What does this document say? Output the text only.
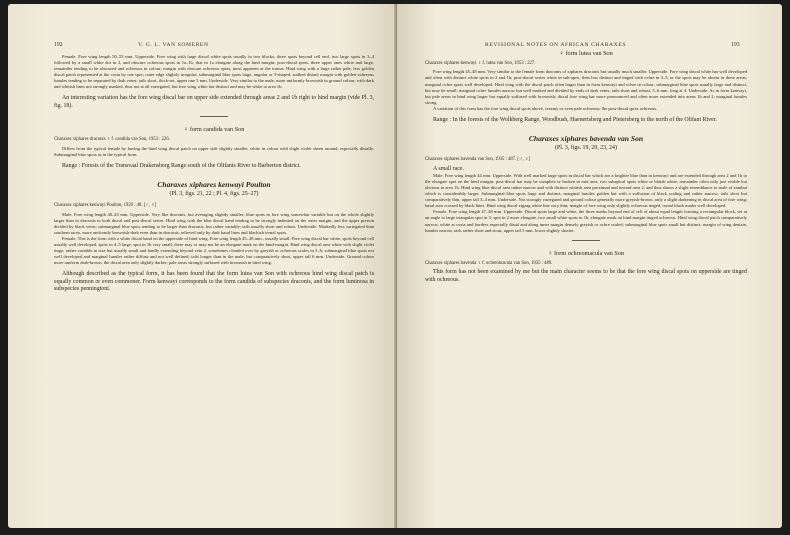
192	V. G. L. VAN SOMEREN

Female. Fore wing length 50–53 mm. Upperside. Fore wing with large discal white spots usually in two blocks; three spots beyond cell end, two large spots in 3–4 followed by a small white dot in 2, and obscure ochreous spots in 1a–1b, that in 1a elongate along the hind margin; post-discal spots, three upper ones white and large, remainder tending to be obscured and ochreous in colour; margin with obscure ochreous spots, most apparent at the tornus. Hind wing with a large rather pale, less golden discal patch represented at the costa by one spot; outer edge slightly irregular; submarginal blue spots large, angular or T-shaped, stalked distad; margin with golden-ochreous lunules tending to be separated by dark veins; tails short, thick-set, upper one 5 mm. Underside. Very similar to the male, more uniformly brownish in ground colour, with dark and whitish lines not strongly marked, thus not at all variegated, but fore wing white bar distinct and may be white to area 1b.

An interesting variation has the fore wing discal bar on upper side extended through areas 2 and 1b right to hind margin (vide Pl. 3, fig. 18).

♀ form candida van Son

Charaxes xiphares draconis ♀ f. candida van Son, 1953 : 226.

Differs from the typical female by having the hind wing discal patch on upper side slightly smaller, white in colour with slight violet sheen around, especially distally. Submarginal blue spots as in the typical form.

Range : Forests of the Transvaal Drakensberg Range south of the Olifants River to Barberton district.

Charaxes xiphares kenwayi Poulton
(Pl. 3, figs. 21, 22 ; Pl. 4, figs. 25–27)

Charaxes xiphares kenwayi Poulton, 1929 : 48. [♂, ♀]

Male. Fore wing length 40–43 mm. Upperside. Very like draconis, but averaging slightly smaller; blue spots in fore wing somewhat variable but on the whole slightly larger than in draconis in both discal and post-discal series. Hind wing with the blue discal band tending to be strongly indented on the outer margin, and the upper portion divided by black veins; submarginal blue spots tending to be larger than draconis, but rather variable; tails usually short and robust. Underside. Markedly less variegated than southern races, more uniformly brownish-drab even than in draconis, relieved only by dark basal lines and blackish tornal spots.

Female. This is the form with a white discal band on the upperside of hind wing. Fore wing length 45–48 mm., usually small. Fore wing discal bar white, spots beyond cell usually well developed, spots in 4–5 large, spot in 1b very small; there may or may not be an elongate mark on the hind-margin. Hind wing discal area white with slight violet tinge, rather variable in size but usually small and hardly extending beyond vein 2, sometimes clouded over by greyish or ochreous scales in 5–6; submarginal blue spots not well developed and marginal lunules rather diffuse and not well defined; tails longer than in the male, but comparatively short, upper tail 6 mm. Underside. Ground colour more uniform drab-brown, the discal area only slightly darker; pale areas strongly suffused with brownish in hind wing.

Although described as the typical form, it has been found that the form lutea van Son with ochreous hind wing discal patch is equally common or even commoner. Form kenwayi corresponds to the form candida of subspecies draconis, and the form luminosa in subspecies penningtoni.

REVISIONAL NOTES ON AFRICAN CHARAXES	193
♀ form lutea van Son

Charaxes xiphares kenwayi ♀ f. lutea van Son, 1953 : 227.

Fore wing length 45–48 mm. Very similar to the female form draconis of xiphares draconis but usually much smaller. Upperside. Fore wing discal white bar well developed and often with distinct white spots in 2 and 1b; post-discal series white in sub-apex, then less distinct and tinged with ochre in 3–5, or the spots may be absent in these areas; marginal ochre spots well developed. Hind wing with the discal patch often larger than in form kenwayi and ochre in colour; submarginal blue spots usually large and distinct, but may be small; marginal ochre lunules narrow but well marked and divided by ends of dark veins; tails short and robust, 5–6 mm. long at 4. Underside. As in form kenwayi, but pale areas in hind wing larger but equally suffused with brownish; discal fore wing bar more pronounced and often more extended into areas 1b and 2; marginal lunules strong.

A variation of this form has the fore wing discal spots above, creamy or even pale ochreous; the post-discal spots ochreous.

Range : In the forests of the Wolkberg Range, Woodbush, Haenertsberg and Pietersberg to the north of the Olifant River.

Charaxes xiphares bavenda van Son
(Pl. 3, figs. 19, 20, 23, 24)

Charaxes xiphares bavenda van Son, 1935 : 487. [♂, ♀]

A small race.

Male. Fore wing length 44 mm. Upperside. With well marked large spots in discal bar which are a brighter blue than in kenwayi and are extended through area 2 and 1b to the elongate spot on the hind margin; post-discal bar may be complete or broken in mid area, two subapical spots white or bluish white, remainder often only just visible but obvious in area 1b. Hind wing blue discal area rather narrow and with distinct whitish area proximad and toward area 2, and thus shows a slight resemblance to male of zambui which is considerably larger. Submarginal blue spots large and distinct; marginal lunules golden but with a suffusion of black scaling and rather narrow; tails short but comparatively thin, upper tail 3–4 mm. Underside. Not strongly variegated and ground colour generally more greyish-brown, only a slight darkening in discal area of fore wing; basal area crossed by black lines. Hind wing discal zigzag white line very thin; margin of fore wing only slightly ochreous tinged; tornal black marks well developed.

Female. Fore wing length 47–48 mm. Upperside. Discal spots large and white, the three marks beyond end of cell of about equal length forming a rectangular block, set at an angle to large triangular spot in 3; spot in 2 more elongate, two small white spots in 1b, elongate mark on hind margin tinged ochreous. Hind wing discal patch comparatively narrow, white at costa and borders especially distal and along inner margin densely greyish or ochre scaled; submarginal blue spots small but distinct; margin of wing dentate, lunules narrow, tails rather short and stout, upper tail 5 mm. lower slightly shorter.

♀ form ochreomacula van Son

Charaxes xiphares bavenda ♀ f. ochreomacula van Son, 1935 : 489.

This form has not been examined by me but the main character seems to be that the fore wing discal spots on upperside are tinged with ochreous.
